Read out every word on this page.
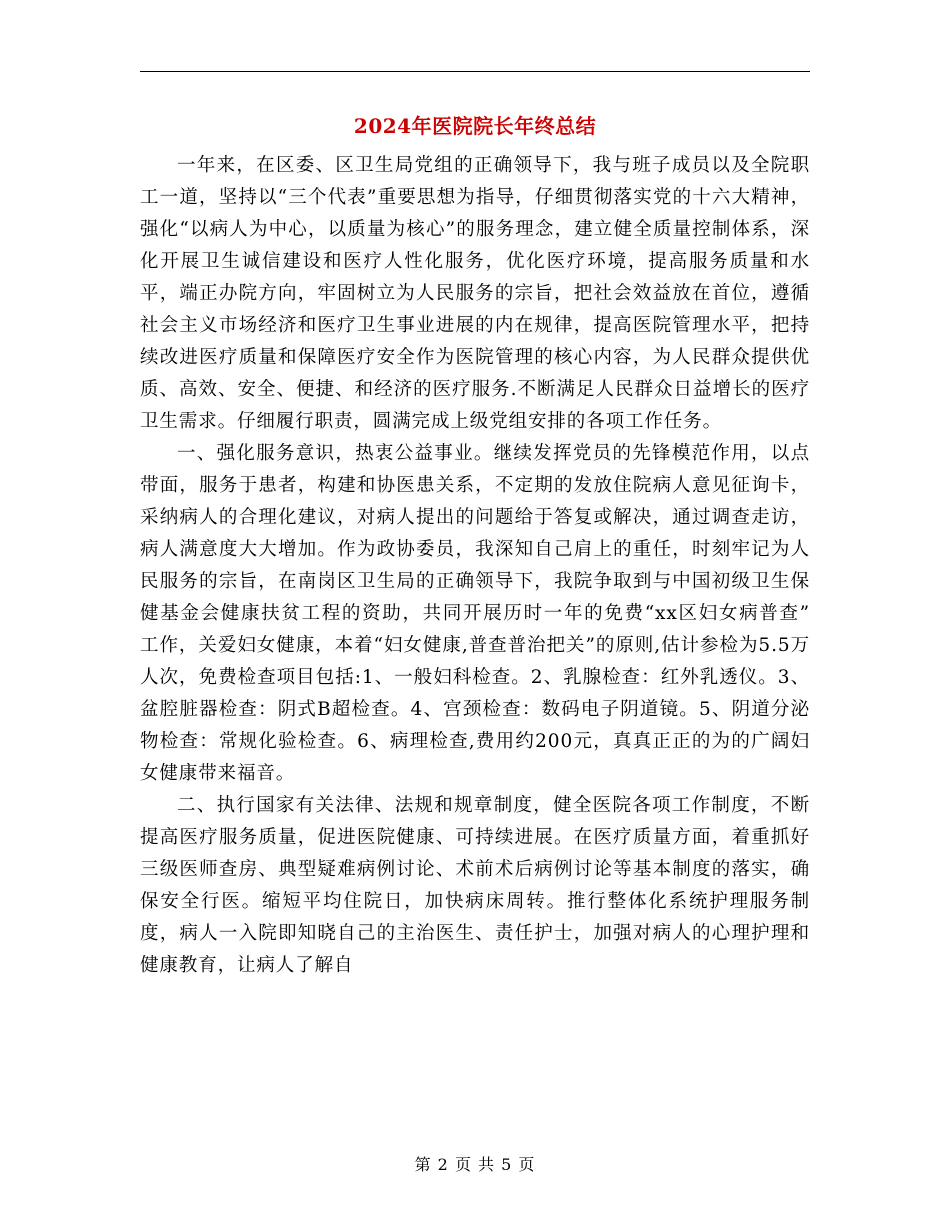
2024年医院院长年终总结

一年来，在区委、区卫生局党组的正确领导下，我与班子成员以及全院职工一道，坚持以“三个代表”重要思想为指导，仔细贯彻落实党的十六大精神，强化“以病人为中心，以质量为核心”的服务理念，建立健全质量控制体系，深化开展卫生诚信建设和医疗人性化服务，优化医疗环境，提高服务质量和水平，端正办院方向，牢固树立为人民服务的宗旨，把社会效益放在首位，遵循社会主义市场经济和医疗卫生事业进展的内在规律，提高医院管理水平，把持续改进医疗质量和保障医疗安全作为医院管理的核心内容，为人民群众提供优质、高效、安全、便捷、和经济的医疗服务.不断满足人民群众日益增长的医疗卫生需求。仔细履行职责，圆满完成上级党组安排的各项工作任务。

一、强化服务意识，热衷公益事业。继续发挥党员的先锋模范作用，以点带面，服务于患者，构建和协医患关系，不定期的发放住院病人意见征询卡，采纳病人的合理化建议，对病人提出的问题给于答复或解决，通过调查走访，病人满意度大大增加。作为政协委员，我深知自己肩上的重任，时刻牢记为人民服务的宗旨，在南岗区卫生局的正确领导下，我院争取到与中国初级卫生保健基金会健康扶贫工程的资助，共同开展历时一年的免费“xx区妇女病普查” 工作，关爱妇女健康，本着“妇女健康,普查普治把关”的原则,估计参检为5.5万人次，免费检查项目包括:1、一般妇科检查。2、乳腺检查：红外乳透仪。3、盆腔脏器检查：阴式B超检查。4、宫颈检查：数码电子阴道镜。5、阴道分泌物检查：常规化验检查。6、病理检查,费用约200元，真真正正的为的广阔妇女健康带来福音。

二、执行国家有关法律、法规和规章制度，健全医院各项工作制度，不断提高医疗服务质量，促进医院健康、可持续进展。在医疗质量方面，着重抓好三级医师查房、典型疑难病例讨论、术前术后病例讨论等基本制度的落实，确保安全行医。缩短平均住院日，加快病床周转。推行整体化系统护理服务制度，病人一入院即知晓自己的主治医生、责任护士，加强对病人的心理护理和健康教育，让病人了解自

第 2 页 共 5 页
